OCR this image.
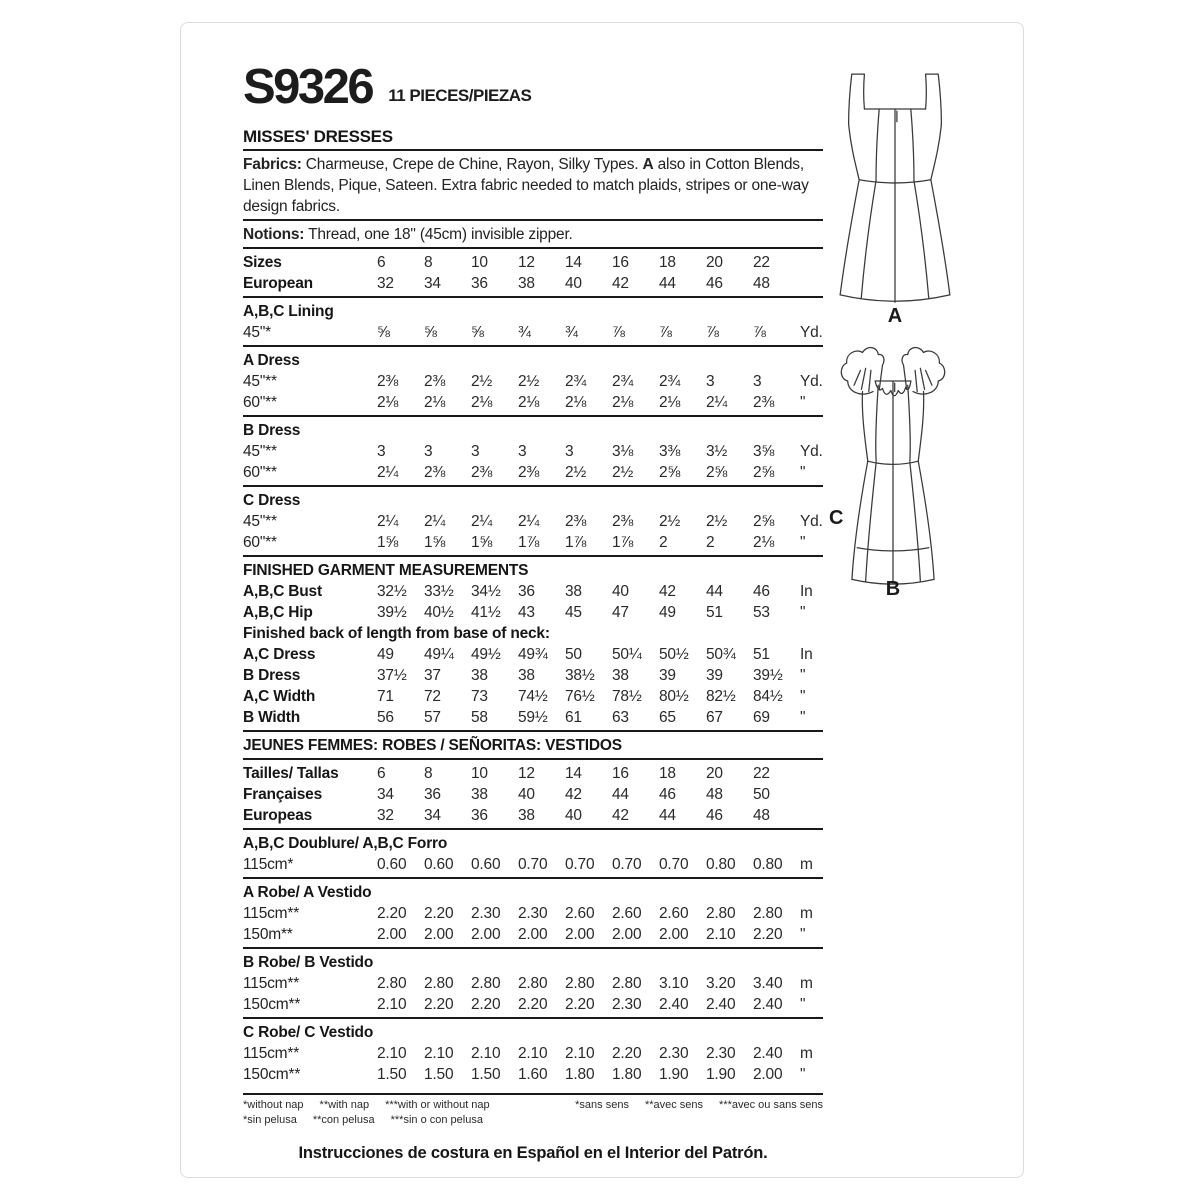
S9326 11 PIECES/PIEZAS
MISSES' DRESSES
Fabrics: Charmeuse, Crepe de Chine, Rayon, Silky Types. A also in Cotton Blends, Linen Blends, Pique, Sateen. Extra fabric needed to match plaids, stripes or one-way design fabrics.
Notions: Thread, one 18" (45cm) invisible zipper.
Sizes	6	8	10	12	14	16	18	20	22
European	32	34	36	38	40	42	44	46	48
A,B,C Lining
45"*	⅝	⅝	⅝	¾	¾	⅞	⅞	⅞	⅞	Yd.
A Dress
45"**	2⅜	2⅜	2½	2½	2¾	2¾	2¾	3	3	Yd.
60"**	2⅛	2⅛	2⅛	2⅛	2⅛	2⅛	2⅛	2¼	2⅜	"
B Dress
45"**	3	3	3	3	3	3⅛	3⅜	3½	3⅝	Yd.
60"**	2¼	2⅜	2⅜	2⅜	2½	2½	2⅝	2⅝	2⅝	"
C Dress
45"**	2¼	2¼	2¼	2¼	2⅜	2⅜	2½	2½	2⅝	Yd.
60"**	1⅝	1⅝	1⅝	1⅞	1⅞	1⅞	2	2	2⅛	"
FINISHED GARMENT MEASUREMENTS
A,B,C Bust	32½	33½	34½	36	38	40	42	44	46	In
A,B,C Hip	39½	40½	41½	43	45	47	49	51	53	"
Finished back of length from base of neck:
A,C Dress	49	49¼	49½	49¾	50	50¼	50½	50¾	51	In
B Dress	37½	37	38	38	38½	38	39	39	39½	"
A,C Width	71	72	73	74½	76½	78½	80½	82½	84½	"
B Width	56	57	58	59½	61	63	65	67	69	"
JEUNES FEMMES: ROBES / SEÑORITAS: VESTIDOS
Tailles/ Tallas	6	8	10	12	14	16	18	20	22
Françaises	34	36	38	40	42	44	46	48	50
Europeas	32	34	36	38	40	42	44	46	48
A,B,C Doublure/ A,B,C Forro
115cm*	0.60	0.60	0.60	0.70	0.70	0.70	0.70	0.80	0.80	m
A Robe/ A Vestido
115cm**	2.20	2.20	2.30	2.30	2.60	2.60	2.60	2.80	2.80	m
150m**	2.00	2.00	2.00	2.00	2.00	2.00	2.00	2.10	2.20	"
B Robe/ B Vestido
115cm**	2.80	2.80	2.80	2.80	2.80	2.80	3.10	3.20	3.40	m
150cm**	2.10	2.20	2.20	2.20	2.20	2.30	2.40	2.40	2.40	"
C Robe/ C Vestido
115cm**	2.10	2.10	2.10	2.10	2.10	2.20	2.30	2.30	2.40	m
150cm**	1.50	1.50	1.50	1.60	1.80	1.80	1.90	1.90	2.00	"
*without nap **with nap ***with or without nap	*sans sens **avec sens ***avec ou sans sens
*sin pelusa **con pelusa ***sin o con pelusa
Instrucciones de costura en Español en el Interior del Patrón.
A
C
B
